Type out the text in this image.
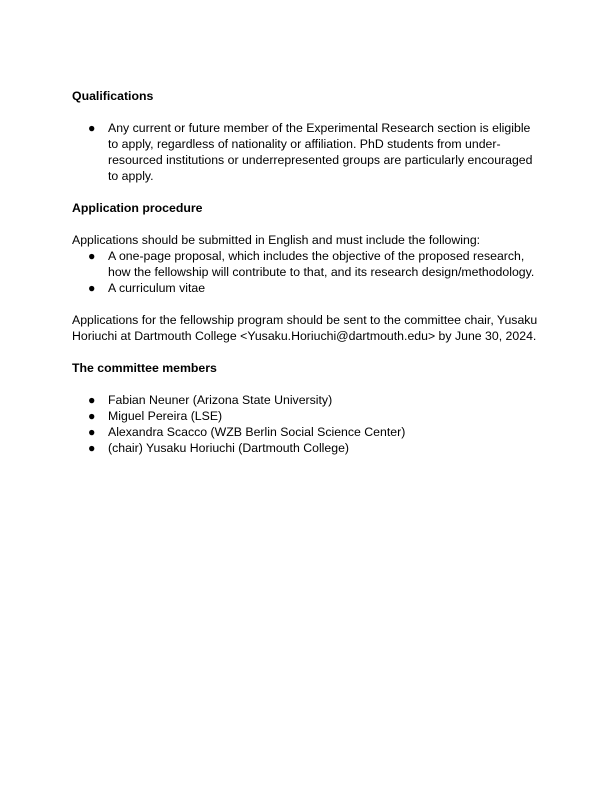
Qualifications
● Any current or future member of the Experimental Research section is eligible to apply, regardless of nationality or affiliation. PhD students from under-resourced institutions or underrepresented groups are particularly encouraged to apply.
Application procedure

Applications should be submitted in English and must include the following:

● A one-page proposal, which includes the objective of the proposed research, how the fellowship will contribute to that, and its research design/methodology.
● A curriculum vitae

Applications for the fellowship program should be sent to the committee chair, Yusaku Horiuchi at Dartmouth College <Yusaku.Horiuchi@dartmouth.edu> by June 30, 2024.

The committee members
● Fabian Neuner (Arizona State University)
● Miguel Pereira (LSE)
● Alexandra Scacco (WZB Berlin Social Science Center)
● (chair) Yusaku Horiuchi (Dartmouth College)
